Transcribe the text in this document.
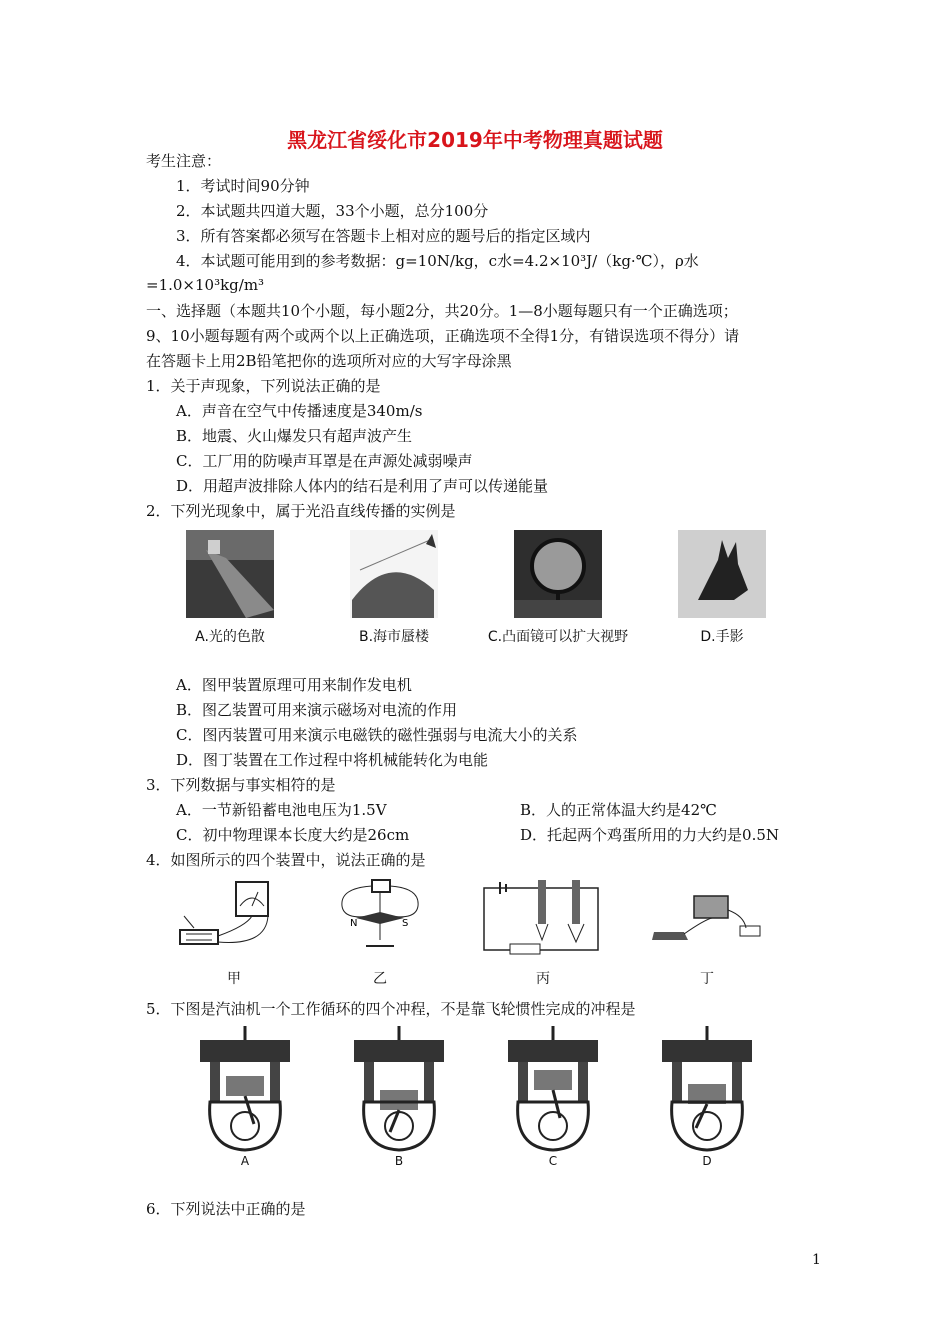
黑龙江省绥化市2019年中考物理真题试题
考生注意：
1．考试时间90分钟
2．本试题共四道大题，33个小题，总分100分
3．所有答案都必须写在答题卡上相对应的题号后的指定区域内
4．本试题可能用到的参考数据：g=10N/kg，c水=4.2×10³J/（kg·℃），ρ水
=1.0×10³kg/m³
一、选择题（本题共10个小题，每小题2分，共20分。1—8小题每题只有一个正确选项；
9、10小题每题有两个或两个以上正确选项，正确选项不全得1分，有错误选项不得分）请
在答题卡上用2B铅笔把你的选项所对应的大写字母涂黑
1．关于声现象，下列说法正确的是
A．声音在空气中传播速度是340m/s
B．地震、火山爆发只有超声波产生
C．工厂用的防噪声耳罩是在声源处减弱噪声
D．用超声波排除人体内的结石是利用了声可以传递能量
2．下列光现象中，属于光沿直线传播的实例是
A.光的色散	B.海市蜃楼	C.凸面镜可以扩大视野	D.手影
A．图甲装置原理可用来制作发电机
B．图乙装置可用来演示磁场对电流的作用
C．图丙装置可用来演示电磁铁的磁性强弱与电流大小的关系
D．图丁装置在工作过程中将机械能转化为电能
3．下列数据与事实相符的是
A．一节新铅蓄电池电压为1.5V	B．人的正常体温大约是42℃
C．初中物理课本长度大约是26cm	D．托起两个鸡蛋所用的力大约是0.5N
4．如图所示的四个装置中，说法正确的是
N	S
甲	乙	丙	丁
5．下图是汽油机一个工作循环的四个冲程，不是靠飞轮惯性完成的冲程是
A	B	C	D
6．下列说法中正确的是
1
